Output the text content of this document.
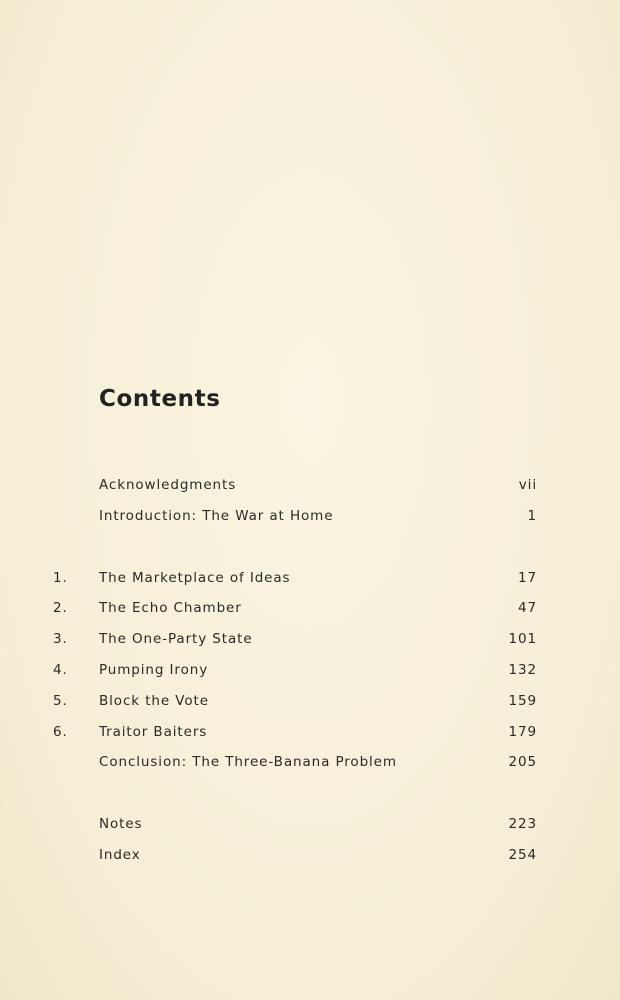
Contents
Acknowledgments	vii
Introduction: The War at Home	1
1.	The Marketplace of Ideas	17
2.	The Echo Chamber	47
3.	The One-Party State	101
4.	Pumping Irony	132
5.	Block the Vote	159
6.	Traitor Baiters	179
Conclusion: The Three-Banana Problem	205
Notes	223
Index	254
